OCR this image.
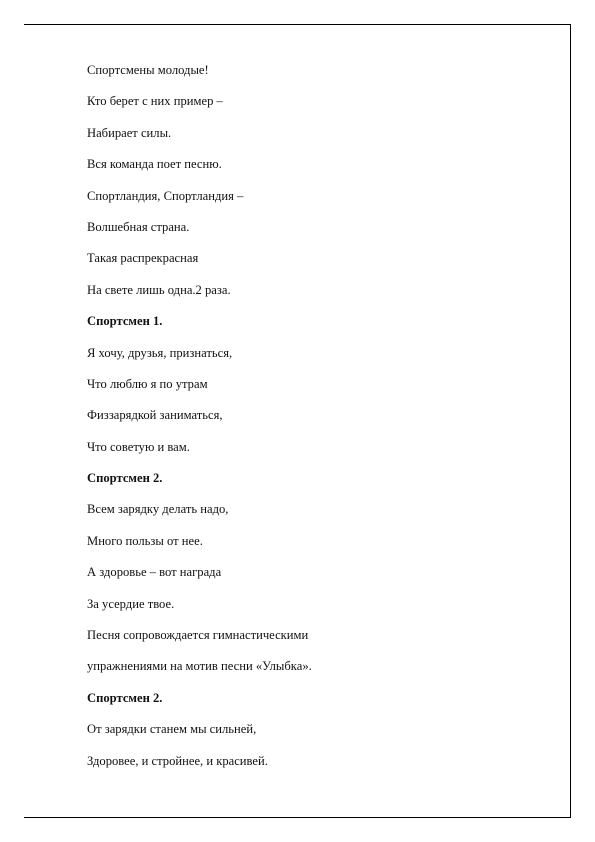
Спортсмены молодые!
Кто берет с них пример –
Набирает силы.
Вся команда поет песню.
Спортландия, Спортландия –
Волшебная страна.
Такая распрекрасная
На свете лишь одна.2 раза.
Спортсмен 1.
Я хочу, друзья, признаться,
Что люблю я по утрам
Физзарядкой заниматься,
Что советую и вам.
Спортсмен 2.
Всем зарядку делать надо,
Много пользы от нее.
А здоровье – вот награда
За усердие твое.
Песня сопровождается гимнастическими
упражнениями на мотив песни «Улыбка».
Спортсмен 2.
От зарядки станем мы сильней,
Здоровее, и стройнее, и красивей.
